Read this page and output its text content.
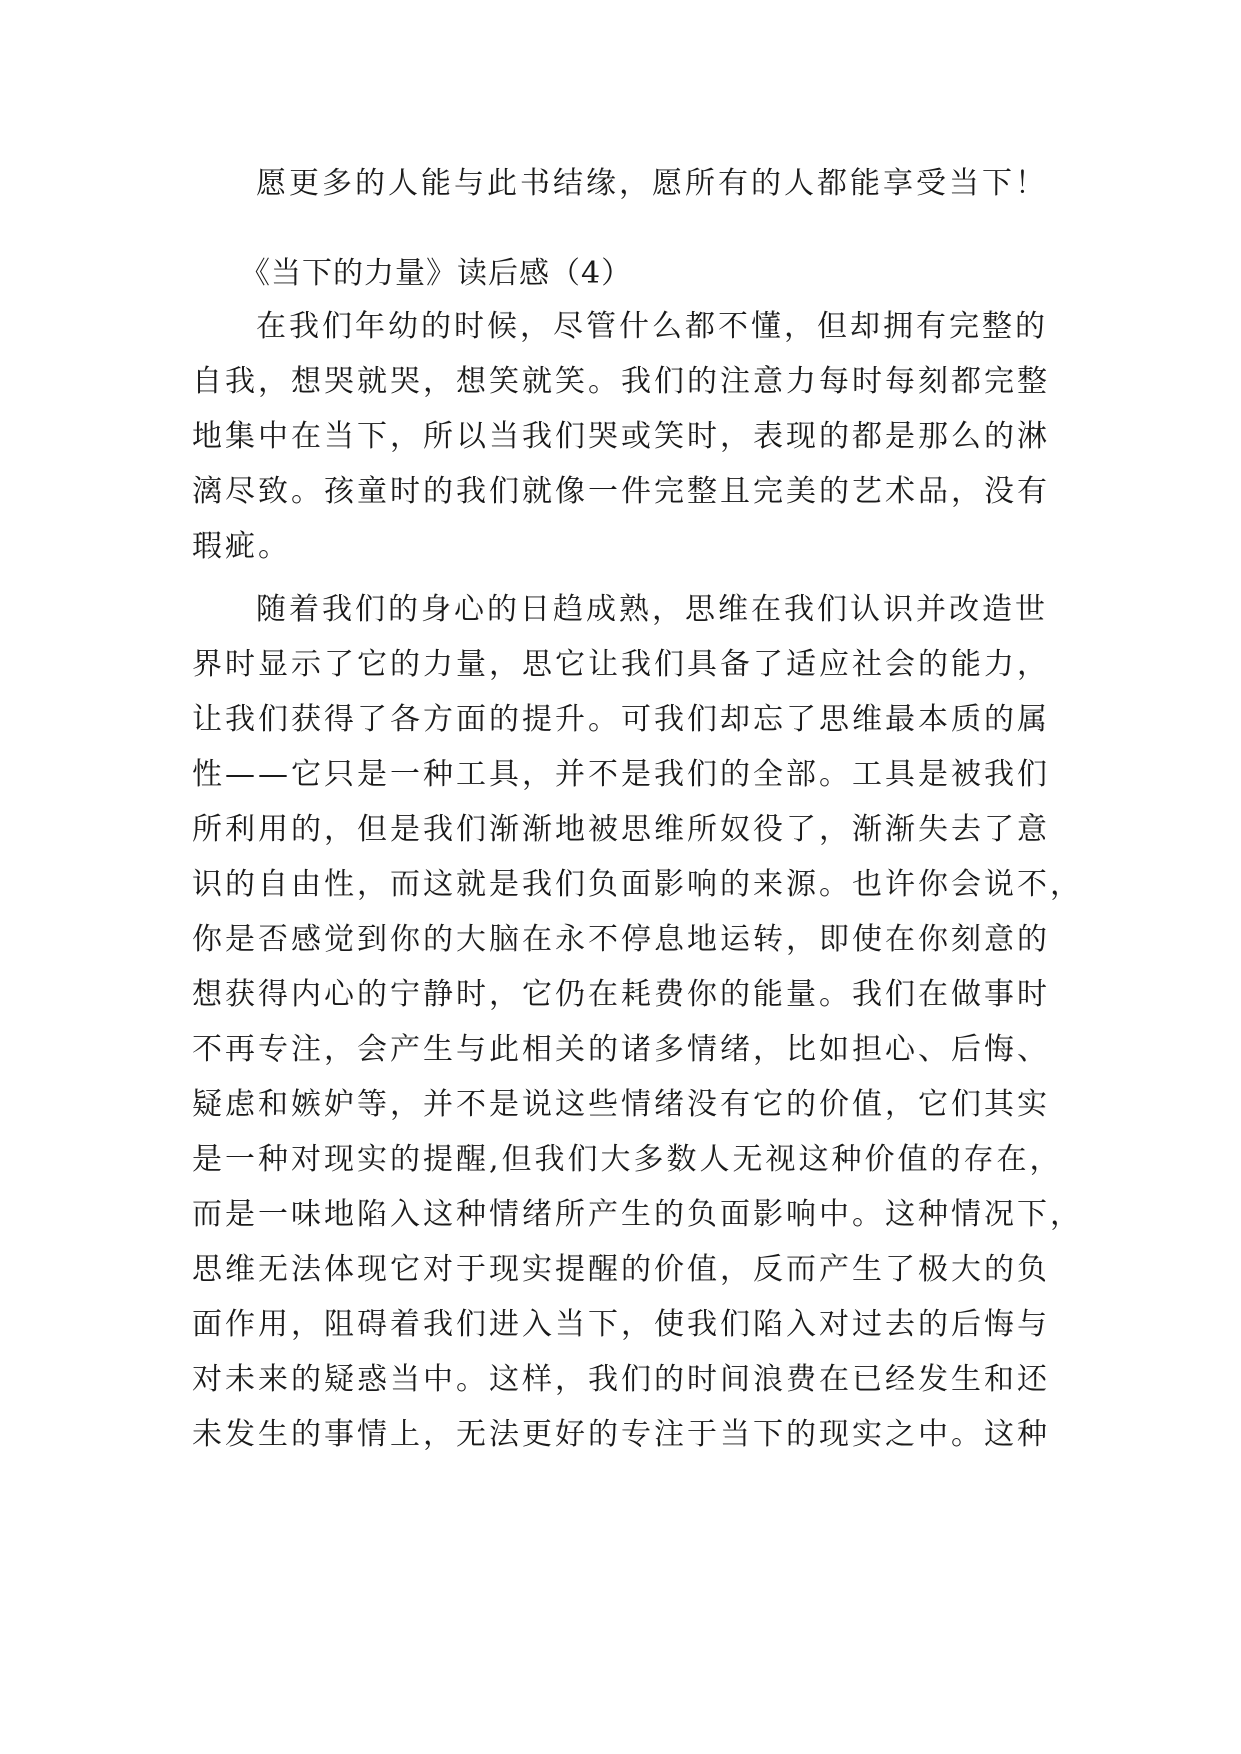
愿更多的人能与此书结缘，愿所有的人都能享受当下！
《当下的力量》读后感（4）
在我们年幼的时候，尽管什么都不懂，但却拥有完整的
自我，想哭就哭，想笑就笑。我们的注意力每时每刻都完整
地集中在当下，所以当我们哭或笑时，表现的都是那么的淋
漓尽致。孩童时的我们就像一件完整且完美的艺术品，没有
瑕疵。
随着我们的身心的日趋成熟，思维在我们认识并改造世
界时显示了它的力量，思它让我们具备了适应社会的能力，
让我们获得了各方面的提升。可我们却忘了思维最本质的属
性——它只是一种工具，并不是我们的全部。工具是被我们
所利用的，但是我们渐渐地被思维所奴役了，渐渐失去了意
识的自由性，而这就是我们负面影响的来源。也许你会说不，
你是否感觉到你的大脑在永不停息地运转，即使在你刻意的
想获得内心的宁静时，它仍在耗费你的能量。我们在做事时
不再专注，会产生与此相关的诸多情绪，比如担心、后悔、
疑虑和嫉妒等，并不是说这些情绪没有它的价值，它们其实
是一种对现实的提醒,但我们大多数人无视这种价值的存在，
而是一味地陷入这种情绪所产生的负面影响中。这种情况下，
思维无法体现它对于现实提醒的价值，反而产生了极大的负
面作用，阻碍着我们进入当下，使我们陷入对过去的后悔与
对未来的疑惑当中。这样，我们的时间浪费在已经发生和还
未发生的事情上，无法更好的专注于当下的现实之中。这种
